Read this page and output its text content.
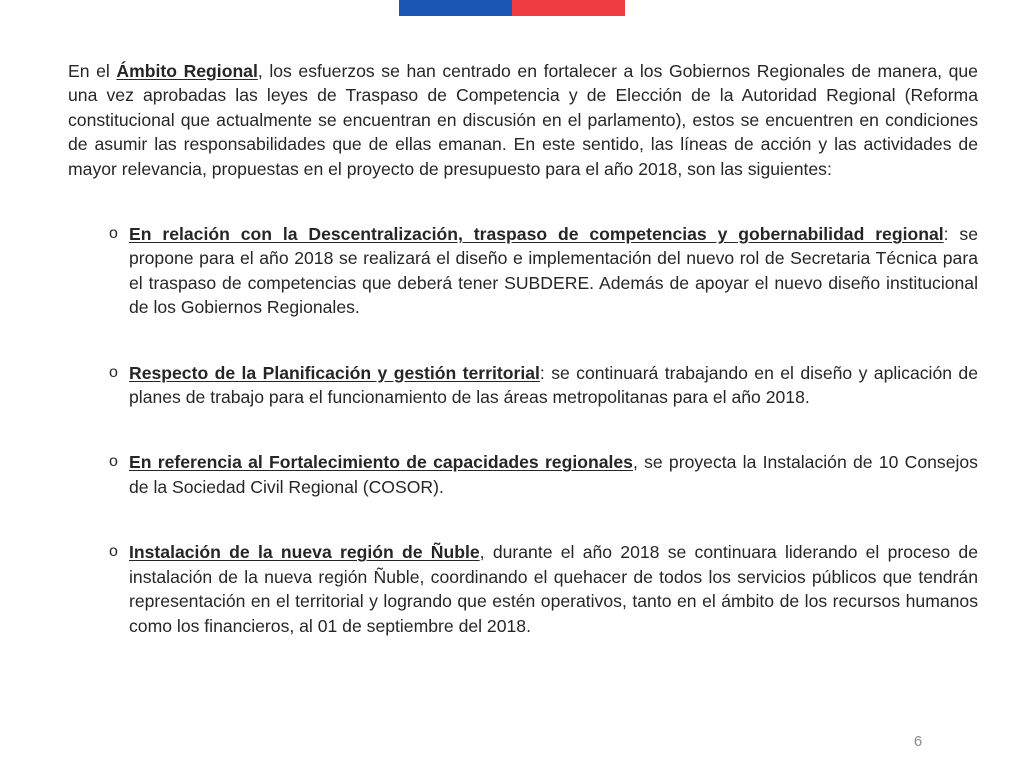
En el Ámbito Regional, los esfuerzos se han centrado en fortalecer a los Gobiernos Regionales de manera, que una vez aprobadas las leyes de Traspaso de Competencia y de Elección de la Autoridad Regional (Reforma constitucional que actualmente se encuentran en discusión en el parlamento), estos se encuentren en condiciones de asumir las responsabilidades que de ellas emanan. En este sentido, las líneas de acción y las actividades de mayor relevancia, propuestas en el proyecto de presupuesto para el año 2018, son las siguientes:

o En relación con la Descentralización, traspaso de competencias y gobernabilidad regional: se propone para el año 2018 se realizará el diseño e implementación del nuevo rol de Secretaria Técnica para el traspaso de competencias que deberá tener SUBDERE. Además de apoyar el nuevo diseño institucional de los Gobiernos Regionales.
o Respecto de la Planificación y gestión territorial: se continuará trabajando en el diseño y aplicación de planes de trabajo para el funcionamiento de las áreas metropolitanas para el año 2018.
o En referencia al Fortalecimiento de capacidades regionales, se proyecta la Instalación de 10 Consejos de la Sociedad Civil Regional (COSOR).
o Instalación de la nueva región de Ñuble, durante el año 2018 se continuara liderando el proceso de instalación de la nueva región Ñuble, coordinando el quehacer de todos los servicios públicos que tendrán representación en el territorial y logrando que estén operativos, tanto en el ámbito de los recursos humanos como los financieros, al 01 de septiembre del 2018.
6
